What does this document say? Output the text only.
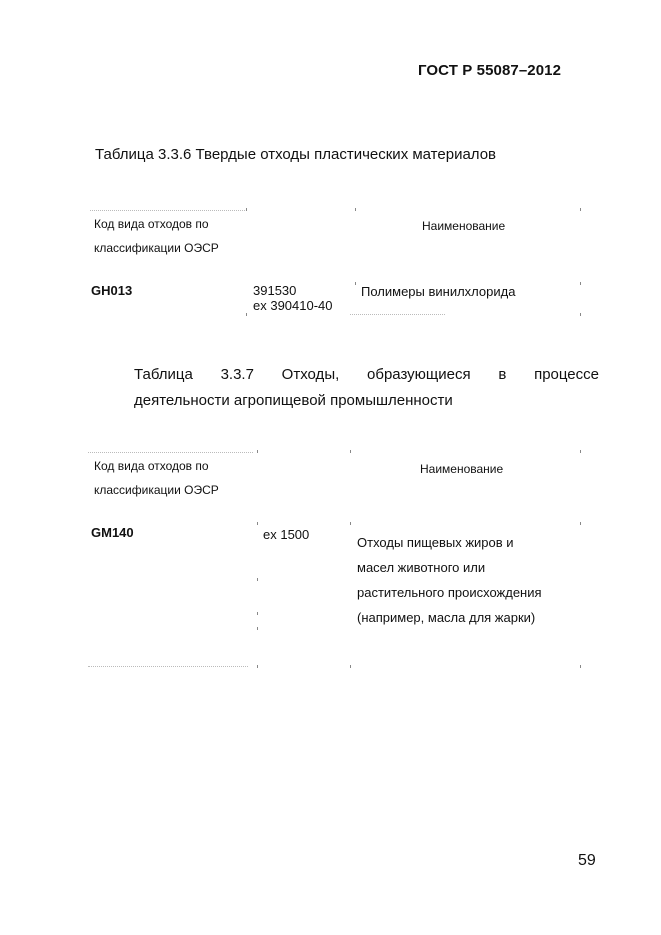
ГОСТ Р 55087–2012
Таблица 3.3.6 Твердые отходы пластических материалов
Код вида отходов по
классификации ОЭСР
Наименование
GH013	391530
ex 390410-40
Полимеры винилхлорида
Таблица 3.3.7 Отходы, образующиеся в процессе
деятельности агропищевой промышленности
Код вида отходов по
классификации ОЭСР
Наименование
GM140	ex 1500
Отходы пищевых жиров и
масел животного или
растительного происхождения
(например, масла для жарки)
59
